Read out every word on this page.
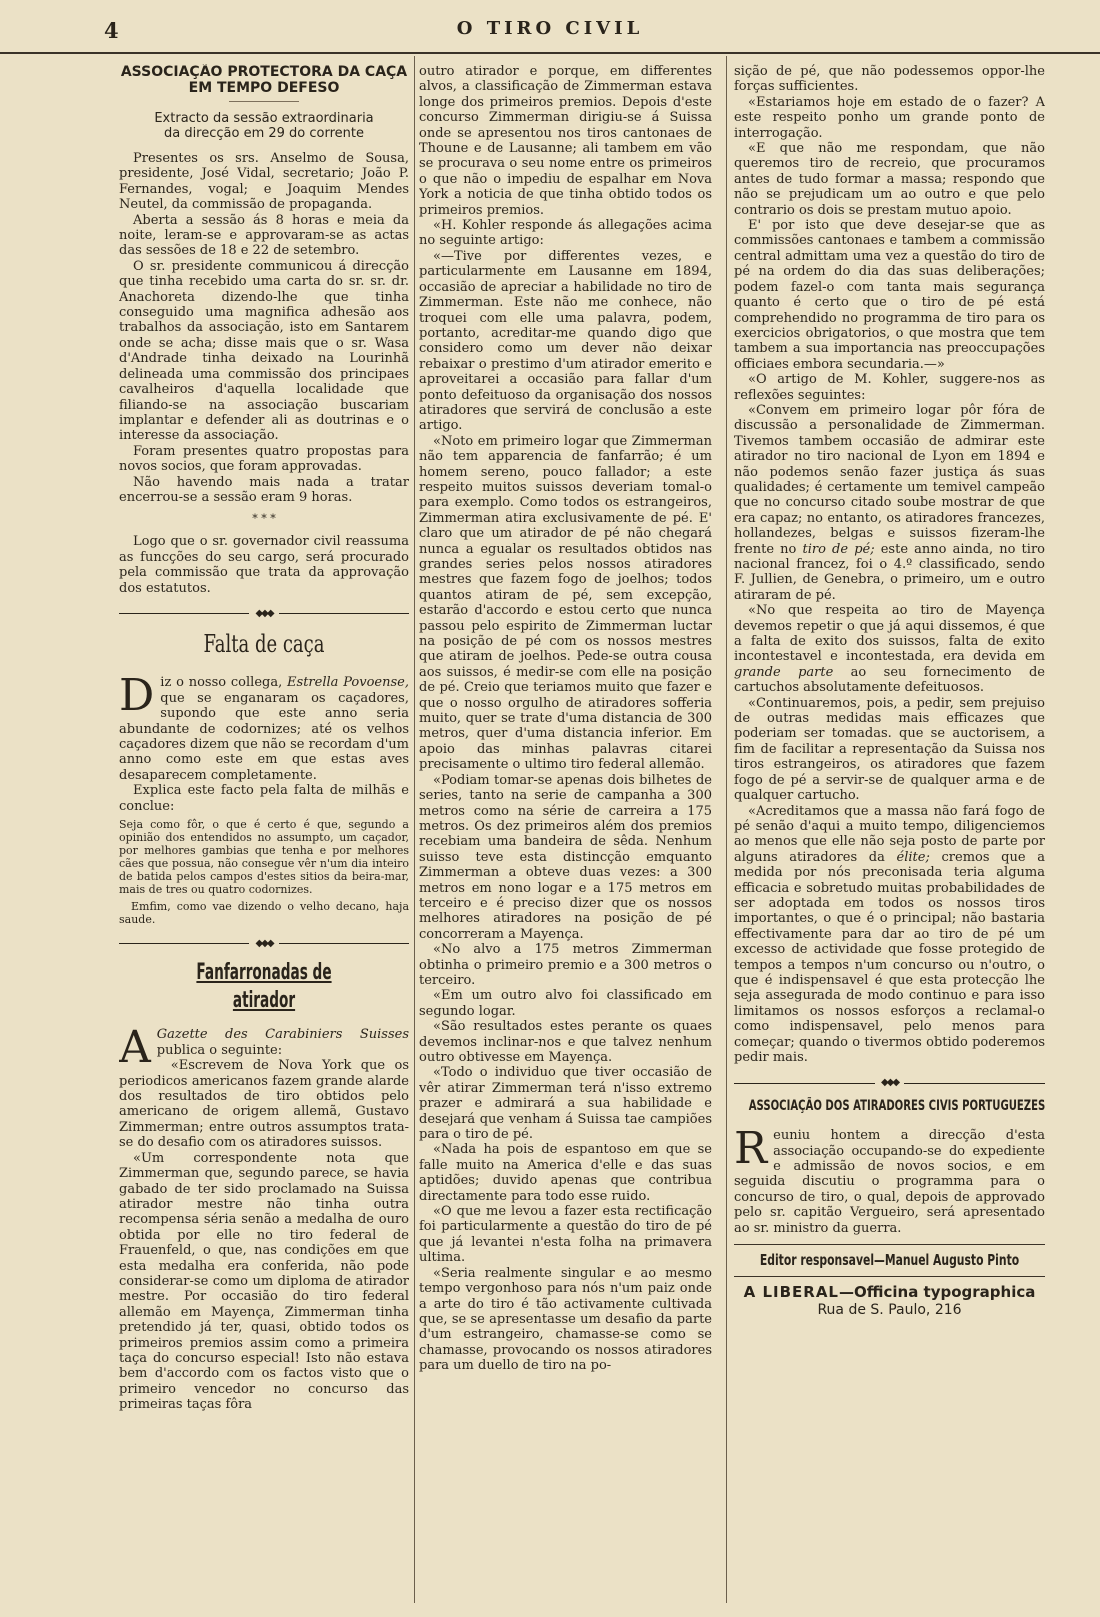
4	O TIRO CIVIL
ASSOCIAÇÃO PROTECTORA DA CAÇA
EM TEMPO DEFESO
Extracto da sessão extraordinaria
da direcção em 29 do corrente

Presentes os srs. Anselmo de Sousa, presidente, José Vidal, secretario; João P. Fernandes, vogal; e Joaquim Mendes Neutel, da commissão de propaganda.

Aberta a sessão ás 8 horas e meia da noite, leram-se e approvaram-se as actas das sessões de 18 e 22 de setembro.

O sr. presidente communicou á direcção que tinha recebido uma carta do sr. sr. dr. Anachoreta dizendo-lhe que tinha conseguido uma magnifica adhesão aos trabalhos da associação, isto em Santarem onde se acha; disse mais que o sr. Wasa d'Andrade tinha deixado na Lourinhã delineada uma commissão dos principaes cavalheiros d'aquella localidade que filiando-se na associação buscariam implantar e defender ali as doutrinas e o interesse da associação.

Foram presentes quatro propostas para novos socios, que foram approvadas.

Não havendo mais nada a tratar encerrou-se a sessão eram 9 horas.

* * *

Logo que o sr. governador civil reassuma as funcções do seu cargo, será procurado pela commissão que trata da approvação dos estatutos.

◆◆◆
Falta de caça

Diz o nosso collega, Estrella Povoense, que se enganaram os caçadores, supondo que este anno seria abundante de codornizes; até os velhos caçadores dizem que não se recordam d'um anno como este em que estas aves desaparecem completamente.

Explica este facto pela falta de milhãs e conclue:

Seja como fôr, o que é certo é que, segundo a opinião dos entendidos no assumpto, um caçador, por melhores gambias que tenha e por melhores cães que possua, não consegue vêr n'um dia inteiro de batida pelos campos d'estes sitios da beira-mar, mais de tres ou quatro codornizes.

Emfim, como vae dizendo o velho decano, haja saude.

◆◆◆
Fanfarronadas de atirador

A Gazette des Carabiniers Suisses publica o seguinte:

«Escrevem de Nova York que os periodicos americanos fazem grande alarde dos resultados de tiro obtidos pelo americano de origem allemã, Gustavo Zimmerman; entre outros assumptos trata-se do desafio com os atiradores suissos.

«Um correspondente nota que Zimmerman que, segundo parece, se havia gabado de ter sido proclamado na Suissa atirador mestre não tinha outra recompensa séria senão a medalha de ouro obtida por elle no tiro federal de Frauenfeld, o que, nas condições em que esta medalha era conferida, não pode considerar-se como um diploma de atirador mestre. Por occasião do tiro federal allemão em Mayença, Zimmerman tinha pretendido já ter, quasi, obtido todos os primeiros premios assim como a primeira taça do concurso especial! Isto não estava bem d'accordo com os factos visto que o primeiro vencedor no concurso das primeiras taças fôra

outro atirador e porque, em differentes alvos, a classificação de Zimmerman estava longe dos primeiros premios. Depois d'este concurso Zimmerman dirigiu-se á Suissa onde se apresentou nos tiros cantonaes de Thoune e de Lausanne; ali tambem em vão se procurava o seu nome entre os primeiros o que não o impediu de espalhar em Nova York a noticia de que tinha obtido todos os primeiros premios.

«H. Kohler responde ás allegações acima no seguinte artigo:

«—Tive por differentes vezes, e particularmente em Lausanne em 1894, occasião de apreciar a habilidade no tiro de Zimmerman. Este não me conhece, não troquei com elle uma palavra, podem, portanto, acreditar-me quando digo que considero como um dever não deixar rebaixar o prestimo d'um atirador emerito e aproveitarei a occasião para fallar d'um ponto defeituoso da organisação dos nossos atiradores que servirá de conclusão a este artigo.

«Noto em primeiro logar que Zimmerman não tem apparencia de fanfarrão; é um homem sereno, pouco fallador; a este respeito muitos suissos deveriam tomal-o para exemplo. Como todos os estrangeiros, Zimmerman atira exclusivamente de pé. E' claro que um atirador de pé não chegará nunca a egualar os resultados obtidos nas grandes series pelos nossos atiradores mestres que fazem fogo de joelhos; todos quantos atiram de pé, sem excepção, estarão d'accordo e estou certo que nunca passou pelo espirito de Zimmerman luctar na posição de pé com os nossos mestres que atiram de joelhos. Pede-se outra cousa aos suissos, é medir-se com elle na posição de pé. Creio que teriamos muito que fazer e que o nosso orgulho de atiradores sofferia muito, quer se trate d'uma distancia de 300 metros, quer d'uma distancia inferior. Em apoio das minhas palavras citarei precisamente o ultimo tiro federal allemão.

«Podiam tomar-se apenas dois bilhetes de series, tanto na serie de campanha a 300 metros como na série de carreira a 175 metros. Os dez primeiros além dos premios recebiam uma bandeira de sêda. Nenhum suisso teve esta distincção emquanto Zimmerman a obteve duas vezes: a 300 metros em nono logar e a 175 metros em terceiro e é preciso dizer que os nossos melhores atiradores na posição de pé concorreram a Mayença.

«No alvo a 175 metros Zimmerman obtinha o primeiro premio e a 300 metros o terceiro.

«Em um outro alvo foi classificado em segundo logar.

«São resultados estes perante os quaes devemos inclinar-nos e que talvez nenhum outro obtivesse em Mayença.

«Todo o individuo que tiver occasião de vêr atirar Zimmerman terá n'isso extremo prazer e admirará a sua habilidade e desejará que venham á Suissa tae campiões para o tiro de pé.

«Nada ha pois de espantoso em que se falle muito na America d'elle e das suas aptidões; duvido apenas que contribua directamente para todo esse ruido.

«O que me levou a fazer esta rectificação foi particularmente a questão do tiro de pé que já levantei n'esta folha na primavera ultima.

«Seria realmente singular e ao mesmo tempo vergonhoso para nós n'um paiz onde a arte do tiro é tão activamente cultivada que, se se apresentasse um desafio da parte d'um estrangeiro, chamasse-se como se chamasse, provocando os nossos atiradores para um duello de tiro na po-

sição de pé, que não podessemos oppor-lhe forças sufficientes.

«Estariamos hoje em estado de o fazer? A este respeito ponho um grande ponto de interrogação.

«E que não me respondam, que não queremos tiro de recreio, que procuramos antes de tudo formar a massa; respondo que não se prejudicam um ao outro e que pelo contrario os dois se prestam mutuo apoio.

E' por isto que deve desejar-se que as commissões cantonaes e tambem a commissão central admittam uma vez a questão do tiro de pé na ordem do dia das suas deliberações; podem fazel-o com tanta mais segurança quanto é certo que o tiro de pé está comprehendido no programma de tiro para os exercicios obrigatorios, o que mostra que tem tambem a sua importancia nas preoccupações officiaes embora secundaria.—»

«O artigo de M. Kohler, suggere-nos as reflexões seguintes:

«Convem em primeiro logar pôr fóra de discussão a personalidade de Zimmerman. Tivemos tambem occasião de admirar este atirador no tiro nacional de Lyon em 1894 e não podemos senão fazer justiça ás suas qualidades; é certamente um temivel campeão que no concurso citado soube mostrar de que era capaz; no entanto, os atiradores francezes, hollandezes, belgas e suissos fizeram-lhe frente no tiro de pé; este anno ainda, no tiro nacional francez, foi o 4.º classificado, sendo F. Jullien, de Genebra, o primeiro, um e outro atiraram de pé.

«No que respeita ao tiro de Mayença devemos repetir o que já aqui dissemos, é que a falta de exito dos suissos, falta de exito incontestavel e incontestada, era devida em grande parte ao seu fornecimento de cartuchos absolutamente defeituosos.

«Continuaremos, pois, a pedir, sem prejuiso de outras medidas mais efficazes que poderiam ser tomadas. que se auctorisem, a fim de facilitar a representação da Suissa nos tiros estrangeiros, os atiradores que fazem fogo de pé a servir-se de qualquer arma e de qualquer cartucho.

«Acreditamos que a massa não fará fogo de pé senão d'aqui a muito tempo, diligenciemos ao menos que elle não seja posto de parte por alguns atiradores da élite; cremos que a medida por nós preconisada teria alguma efficacia e sobretudo muitas probabilidades de ser adoptada em todos os nossos tiros importantes, o que é o principal; não bastaria effectivamente para dar ao tiro de pé um excesso de actividade que fosse protegido de tempos a tempos n'um concurso ou n'outro, o que é indispensavel é que esta protecção lhe seja assegurada de modo continuo e para isso limitamos os nossos esforços a reclamal-o como indispensavel, pelo menos para começar; quando o tivermos obtido poderemos pedir mais.

◆◆◆
ASSOCIAÇÃO DOS ATIRADORES CIVIS PORTUGUEZES

Reuniu hontem a direcção d'esta associação occupando-se do expediente e admissão de novos socios, e em seguida discutiu o programma para o concurso de tiro, o qual, depois de approvado pelo sr. capitão Vergueiro, será apresentado ao sr. ministro da guerra.

Editor responsavel—Manuel Augusto Pinto
A LIBERAL—Officina typographica
Rua de S. Paulo, 216
